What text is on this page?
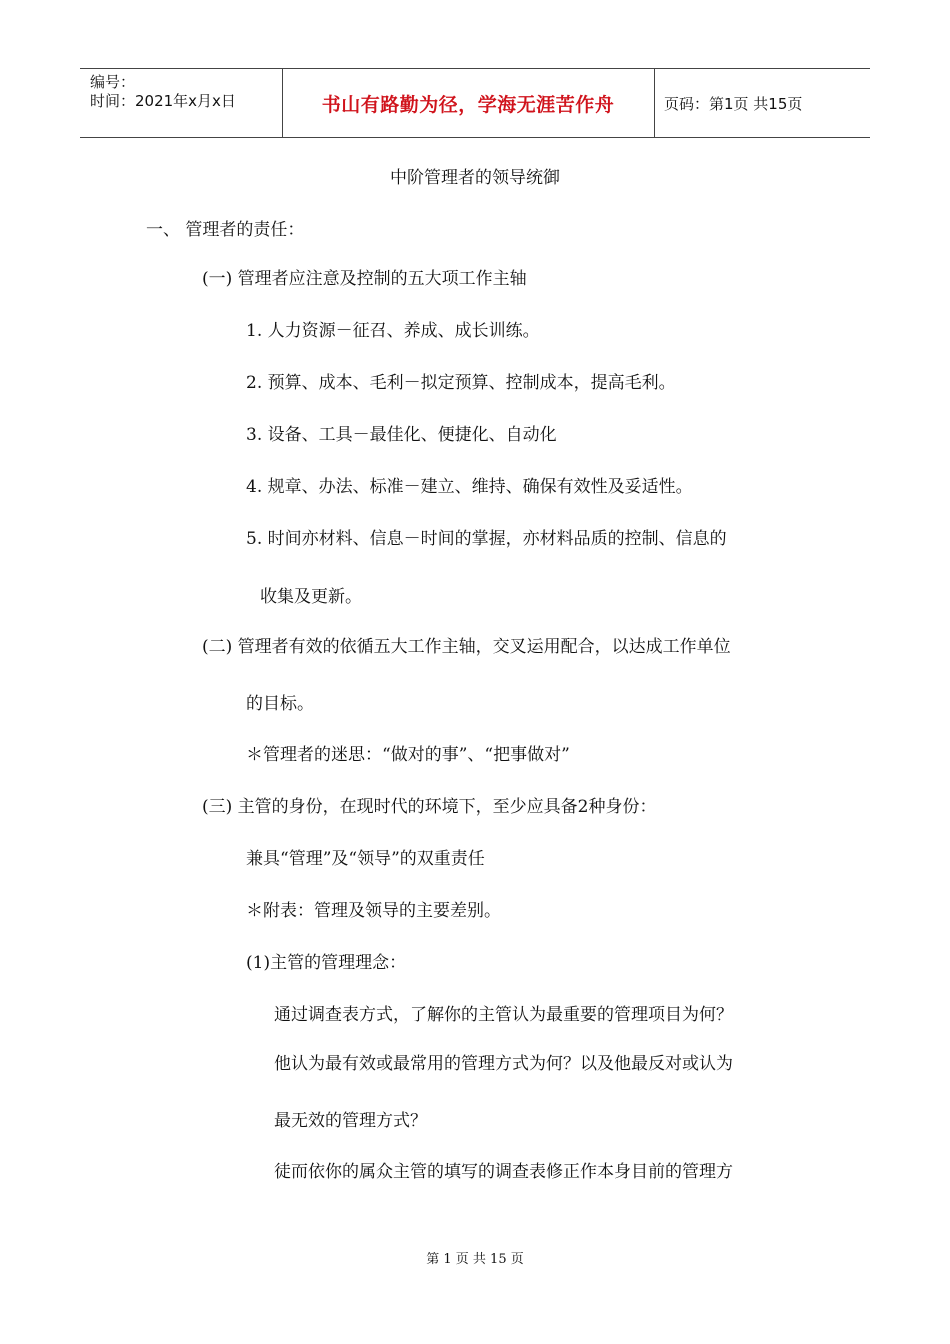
编号：
时间：2021年x月x日	书山有路勤为径，学海无涯苦作舟	页码：第1页 共15页
中阶管理者的领导统御
一、 管理者的责任：
(一) 管理者应注意及控制的五大项工作主轴
1. 人力资源－征召、养成、成长训练。
2. 预算、成本、毛利－拟定预算、控制成本，提高毛利。
3. 设备、工具－最佳化、便捷化、自动化
4. 规章、办法、标准－建立、维持、确保有效性及妥适性。
5. 时间亦材料、信息－时间的掌握，亦材料品质的控制、信息的
收集及更新。
(二) 管理者有效的依循五大工作主轴，交叉运用配合，以达成工作单位
的目标。
＊管理者的迷思：“做对的事”、“把事做对”
(三) 主管的身份，在现时代的环境下，至少应具备2种身份：
兼具“管理”及“领导”的双重责任
＊附表：管理及领导的主要差别。
(1)主管的管理理念：
通过调查表方式，了解你的主管认为最重要的管理项目为何？
他认为最有效或最常用的管理方式为何？以及他最反对或认为
最无效的管理方式？
徒而依你的属众主管的填写的调查表修正作本身目前的管理方
第 1 页 共 15 页
